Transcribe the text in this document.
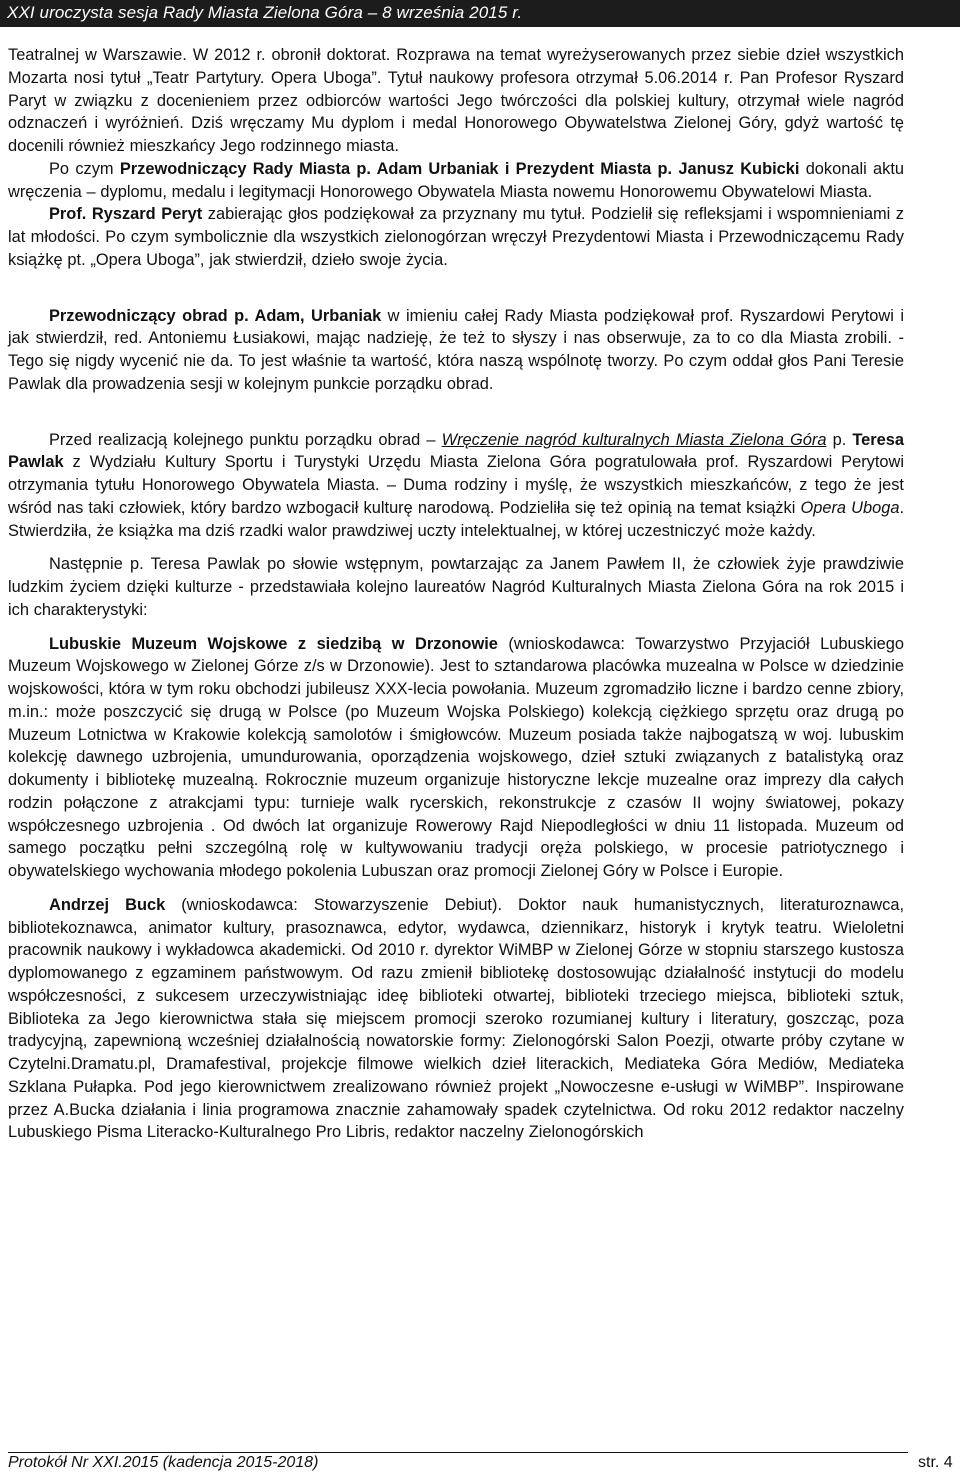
XXI uroczysta sesja Rady Miasta Zielona Góra – 8 września 2015 r.

Teatralnej w Warszawie. W 2012 r. obronił doktorat. Rozprawa na temat wyreżyserowanych przez siebie dzieł wszystkich Mozarta nosi tytuł „Teatr Partytury. Opera Uboga”. Tytuł naukowy profesora otrzymał 5.06.2014 r. Pan Profesor Ryszard Paryt w związku z docenieniem przez odbiorców wartości Jego twórczości dla polskiej kultury, otrzymał wiele nagród odznaczeń i wyróżnień. Dziś wręczamy Mu dyplom i medal Honorowego Obywatelstwa Zielonej Góry, gdyż wartość tę docenili również mieszkańcy Jego rodzinnego miasta.

Po czym Przewodniczący Rady Miasta p. Adam Urbaniak i Prezydent Miasta p. Janusz Kubicki dokonali aktu wręczenia – dyplomu, medalu i legitymacji Honorowego Obywatela Miasta nowemu Honorowemu Obywatelowi Miasta.

Prof. Ryszard Peryt zabierając głos podziękował za przyznany mu tytuł. Podzielił się refleksjami i wspomnieniami z lat młodości. Po czym symbolicznie dla wszystkich zielonogórzan wręczył Prezydentowi Miasta i Przewodniczącemu Rady książkę pt. „Opera Uboga”, jak stwierdził, dzieło swoje życia.

Przewodniczący obrad p. Adam, Urbaniak w imieniu całej Rady Miasta podziękował prof. Ryszardowi Perytowi i jak stwierdził, red. Antoniemu Łusiakowi, mając nadzieję, że też to słyszy i nas obserwuje, za to co dla Miasta zrobili. - Tego się nigdy wycenić nie da. To jest właśnie ta wartość, która naszą wspólnotę tworzy. Po czym oddał głos Pani Teresie Pawlak dla prowadzenia sesji w kolejnym punkcie porządku obrad.

Przed realizacją kolejnego punktu porządku obrad – Wręczenie nagród kulturalnych Miasta Zielona Góra p. Teresa Pawlak z Wydziału Kultury Sportu i Turystyki Urzędu Miasta Zielona Góra pogratulowała prof. Ryszardowi Perytowi otrzymania tytułu Honorowego Obywatela Miasta. – Duma rodziny i myślę, że wszystkich mieszkańców, z tego że jest wśród nas taki człowiek, który bardzo wzbogacił kulturę narodową. Podzieliła się też opinią na temat książki Opera Uboga. Stwierdziła, że książka ma dziś rzadki walor prawdziwej uczty intelektualnej, w której uczestniczyć może każdy.

Następnie p. Teresa Pawlak po słowie wstępnym, powtarzając za Janem Pawłem II, że człowiek żyje prawdziwie ludzkim życiem dzięki kulturze - przedstawiała kolejno laureatów Nagród Kulturalnych Miasta Zielona Góra na rok 2015 i ich charakterystyki:

Lubuskie Muzeum Wojskowe z siedzibą w Drzonowie (wnioskodawca: Towarzystwo Przyjaciół Lubuskiego Muzeum Wojskowego w Zielonej Górze z/s w Drzonowie). Jest to sztandarowa placówka muzealna w Polsce w dziedzinie wojskowości, która w tym roku obchodzi jubileusz XXX-lecia powołania. Muzeum zgromadziło liczne i bardzo cenne zbiory, m.in.: może poszczycić się drugą w Polsce (po Muzeum Wojska Polskiego) kolekcją ciężkiego sprzętu oraz drugą po Muzeum Lotnictwa w Krakowie kolekcją samolotów i śmigłowców. Muzeum posiada także najbogatszą w woj. lubuskim kolekcję dawnego uzbrojenia, umundurowania, oporządzenia wojskowego, dzieł sztuki związanych z batalistyką oraz dokumenty i bibliotekę muzealną. Rokrocznie muzeum organizuje historyczne lekcje muzealne oraz imprezy dla całych rodzin połączone z atrakcjami typu: turnieje walk rycerskich, rekonstrukcje z czasów II wojny światowej, pokazy współczesnego uzbrojenia . Od dwóch lat organizuje Rowerowy Rajd Niepodległości w dniu 11 listopada. Muzeum od samego początku pełni szczególną rolę w kultywowaniu tradycji oręża polskiego, w procesie patriotycznego i obywatelskiego wychowania młodego pokolenia Lubuszan oraz promocji Zielonej Góry w Polsce i Europie.

Andrzej Buck (wnioskodawca: Stowarzyszenie Debiut). Doktor nauk humanistycznych, literaturoznawca, bibliotekoznawca, animator kultury, prasoznawca, edytor, wydawca, dziennikarz, historyk i krytyk teatru. Wieloletni pracownik naukowy i wykładowca akademicki. Od 2010 r. dyrektor WiMBP w Zielonej Górze w stopniu starszego kustosza dyplomowanego z egzaminem państwowym. Od razu zmienił bibliotekę dostosowując działalność instytucji do modelu współczesności, z sukcesem urzeczywistniając ideę biblioteki otwartej, biblioteki trzeciego miejsca, biblioteki sztuk, Biblioteka za Jego kierownictwa stała się miejscem promocji szeroko rozumianej kultury i literatury, goszcząc, poza tradycyjną, zapewnioną wcześniej działalnością nowatorskie formy: Zielonogórski Salon Poezji, otwarte próby czytane w Czytelni.Dramatu.pl, Dramafestival, projekcje filmowe wielkich dzieł literackich, Mediateka Góra Mediów, Mediateka Szklana Pułapka. Pod jego kierownictwem zrealizowano również projekt „Nowoczesne e-usługi w WiMBP”. Inspirowane przez A.Bucka działania i linia programowa znacznie zahamowały spadek czytelnictwa. Od roku 2012 redaktor naczelny Lubuskiego Pisma Literacko-Kulturalnego Pro Libris, redaktor naczelny Zielonogórskich

Protokół Nr XXI.2015 (kadencja 2015-2018)	str. 4
